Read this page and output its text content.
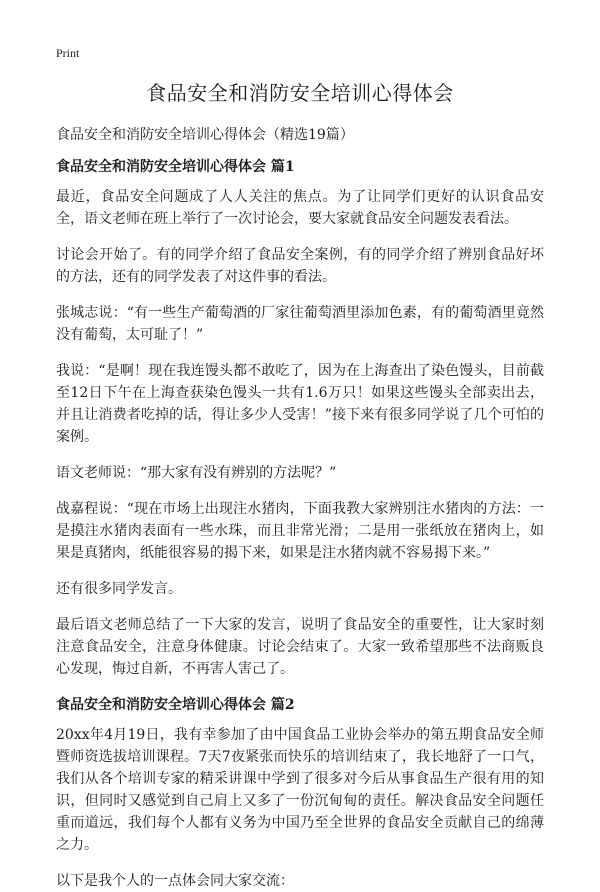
Print
食品安全和消防安全培训心得体会
食品安全和消防安全培训心得体会（精选19篇）
食品安全和消防安全培训心得体会 篇1

最近，食品安全问题成了人人关注的焦点。为了让同学们更好的认识食品安全，语文老师在班上举行了一次讨论会，要大家就食品安全问题发表看法。

讨论会开始了。有的同学介绍了食品安全案例，有的同学介绍了辨别食品好坏的方法，还有的同学发表了对这件事的看法。

张城志说：“有一些生产葡萄酒的厂家往葡萄酒里添加色素，有的葡萄酒里竟然没有葡萄，太可耻了！”

我说：“是啊！现在我连馒头都不敢吃了，因为在上海查出了染色馒头，目前截至12日下午在上海查获染色馒头一共有1.6万只！如果这些馒头全部卖出去，并且让消费者吃掉的话，得让多少人受害！”接下来有很多同学说了几个可怕的案例。

语文老师说：“那大家有没有辨别的方法呢？”

战嘉程说：“现在市场上出现注水猪肉，下面我教大家辨别注水猪肉的方法：一是摸注水猪肉表面有一些水珠，而且非常光滑；二是用一张纸放在猪肉上，如果是真猪肉，纸能很容易的揭下来，如果是注水猪肉就不容易揭下来。”

还有很多同学发言。

最后语文老师总结了一下大家的发言，说明了食品安全的重要性，让大家时刻注意食品安全，注意身体健康。讨论会结束了。大家一致希望那些不法商贩良心发现，悔过自新，不再害人害己了。

食品安全和消防安全培训心得体会 篇2

20xx年4月19日，我有幸参加了由中国食品工业协会举办的第五期食品安全师暨师资选拔培训课程。7天7夜紧张而快乐的培训结束了，我长地舒了一口气，我们从各个培训专家的精采讲课中学到了很多对今后从事食品生产很有用的知识，但同时又感觉到自己肩上又多了一份沉甸甸的责任。解决食品安全问题任重而道远，我们每个人都有义务为中国乃至全世界的食品安全贡献自己的绵薄之力。

以下是我个人的一点体会同大家交流：
